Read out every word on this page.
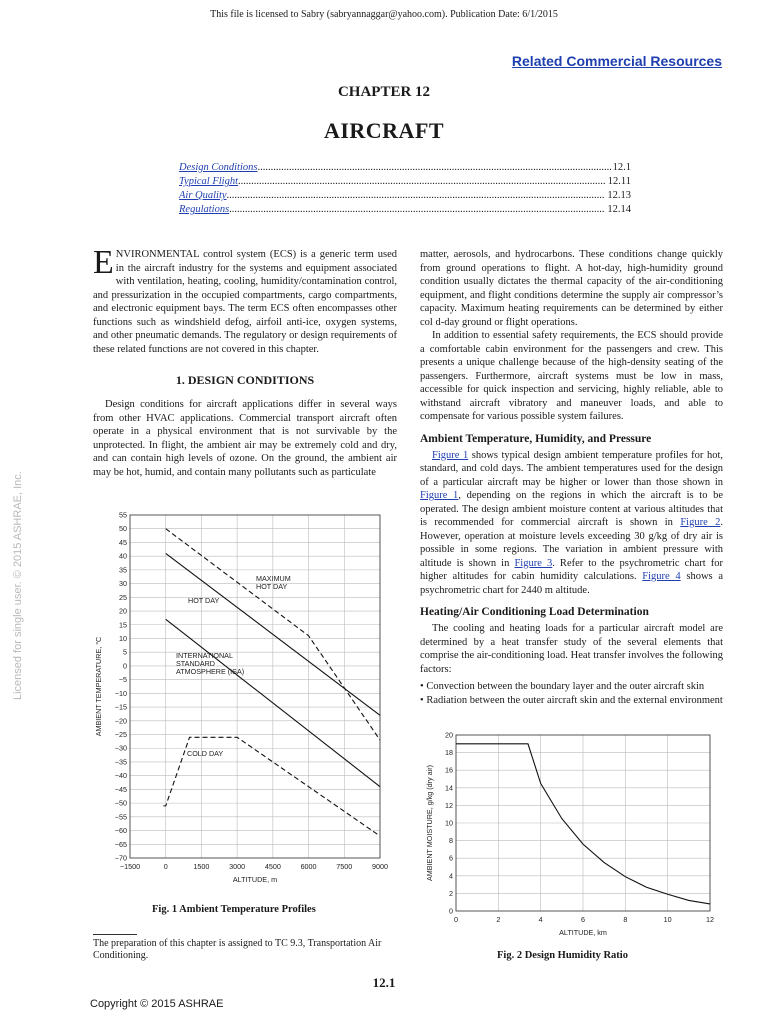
This file is licensed to Sabry (sabryannaggar@yahoo.com). Publication Date: 6/1/2015
Related Commercial Resources
CHAPTER 12
AIRCRAFT
Design Conditions .....	12.1
Typical Flight .....	12.11
Air Quality .....	12.13
Regulations .....	12.14
ENVIRONMENTAL control system (ECS) is a generic term used in the aircraft industry for the systems and equipment associated with ventilation, heating, cooling, humidity/contamination control, and pressurization in the occupied compartments, cargo compartments, and electronic equipment bays. The term ECS often encompasses other functions such as windshield defog, airfoil anti-ice, oxygen systems, and other pneumatic demands. The regulatory or design requirements of these related functions are not covered in this chapter.
1. DESIGN CONDITIONS
Design conditions for aircraft applications differ in several ways from other HVAC applications. Commercial transport aircraft often operate in a physical environment that is not survivable by the unprotected. In flight, the ambient air may be extremely cold and dry, and can contain high levels of ozone. On the ground, the ambient air may be hot, humid, and contain many pollutants such as particulate
matter, aerosols, and hydrocarbons. These conditions change quickly from ground operations to flight. A hot-day, high-humidity ground condition usually dictates the thermal capacity of the air-conditioning equipment, and flight conditions determine the supply air compressor’s capacity. Maximum heating requirements can be determined by either col d-day ground or flight operations.
In addition to essential safety requirements, the ECS should provide a comfortable cabin environment for the passengers and crew. This presents a unique challenge because of the high-density seating of the passengers. Furthermore, aircraft systems must be low in mass, accessible for quick inspection and servicing, highly reliable, able to withstand aircraft vibratory and maneuver loads, and able to compensate for various possible system failures.
Ambient Temperature, Humidity, and Pressure
Figure 1 shows typical design ambient temperature profiles for hot, standard, and cold days. The ambient temperatures used for the design of a particular aircraft may be higher or lower than those shown in Figure 1, depending on the regions in which the aircraft is to be operated. The design ambient moisture content at various altitudes that is recommended for commercial aircraft is shown in Figure 2. However, operation at moisture levels exceeding 30 g/kg of dry air is possible in some regions. The variation in ambient pressure with altitude is shown in Figure 3. Refer to the psychrometric chart for higher altitudes for cabin humidity calculations. Figure 4 shows a psychrometric chart for 2440 m altitude.
Heating/Air Conditioning Load Determination
The cooling and heating loads for a particular aircraft model are determined by a heat transfer study of the several elements that comprise the air-conditioning load. Heat transfer involves the following factors:
• Convection between the boundary layer and the outer aircraft skin
• Radiation between the outer aircraft skin and the external environment
−1500	0	1500	3000	4500	6000	7500	9000
55
50
45
40
35
30
25
20
15
10
5
0
−5
−10
−15
−20
−25
−30
−35
−40
−45
−50
−55
−60
−65
−70
ALTITUDE, m
AMBIENT TEMPERATURE, °C
MAXIMUM
HOT DAY
HOT DAY
INTERNATIONAL
STANDARD
ATMOSPHERE (ISA)
COLD DAY
Fig. 1 Ambient Temperature Profiles
0	2	4	6	8	10	12
0
2
4
6
8
10
12
14
16
18
20
ALTITUDE, km
AMBIENT MOISTURE, g/kg (dry air)
Fig. 2 Design Humidity Ratio
The preparation of this chapter is assigned to TC 9.3, Transportation Air Conditioning.
12.1
Copyright © 2015 ASHRAE
Licensed for single user. © 2015 ASHRAE, Inc.
